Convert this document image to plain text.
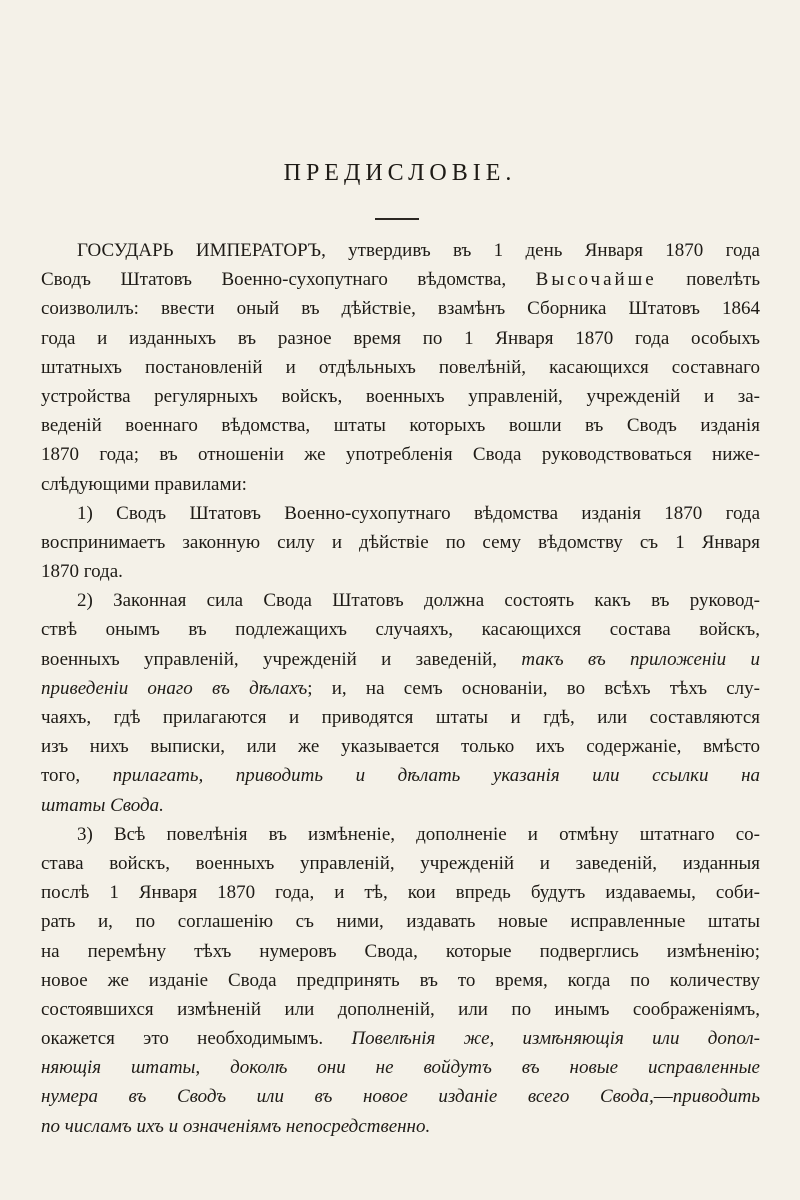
ПРЕДИСЛОВІЕ.
ГОСУДАРЬ ИМПЕРАТОРЪ, утвердивъ въ 1 день Января 1870 года
Сводъ Штатовъ Военно-сухопутнаго вѣдомства, Высочайше повелѣть
соизволилъ: ввести оный въ дѣйствіе, взамѣнъ Сборника Штатовъ 1864
года и изданныхъ въ разное время по 1 Января 1870 года особыхъ
штатныхъ постановленій и отдѣльныхъ повелѣній, касающихся составнаго
устройства регулярныхъ войскъ, военныхъ управленій, учрежденій и за-
веденій военнаго вѣдомства, штаты которыхъ вошли въ Сводъ изданія
1870 года; въ отношеніи же употребленія Свода руководствоваться ниже-
слѣдующими правилами:
1) Сводъ Штатовъ Военно-сухопутнаго вѣдомства изданія 1870 года
воспринимаетъ законную силу и дѣйствіе по сему вѣдомству съ 1 Января
1870 года.
2) Законная сила Свода Штатовъ должна состоять какъ въ руковод-
ствѣ онымъ въ подлежащихъ случаяхъ, касающихся состава войскъ,
военныхъ управленій, учрежденій и заведеній, такъ въ приложеніи и
приведеніи онаго въ дѣлахъ; и, на семъ основаніи, во всѣхъ тѣхъ слу-
чаяхъ, гдѣ прилагаются и приводятся штаты и гдѣ, или составляются
изъ нихъ выписки, или же указывается только ихъ содержаніе, вмѣсто
того, прилагать, приводить и дѣлать указанія или ссылки на
штаты Свода.
3) Всѣ повелѣнія въ измѣненіе, дополненіе и отмѣну штатнаго со-
става войскъ, военныхъ управленій, учрежденій и заведеній, изданныя
послѣ 1 Января 1870 года, и тѣ, кои впредь будутъ издаваемы, соби-
рать и, по соглашенію съ ними, издавать новые исправленные штаты
на перемѣну тѣхъ нумеровъ Свода, которые подверглись измѣненію;
новое же изданіе Свода предпринять въ то время, когда по количеству
состоявшихся измѣненій или дополненій, или по инымъ соображеніямъ,
окажется это необходимымъ. Повелѣнія же, измѣняющія или допол-
няющія штаты, доколѣ они не войдутъ въ новые исправленные
нумера въ Сводъ или въ новое изданіе всего Свода,—приводить
по числамъ ихъ и означеніямъ непосредственно.
